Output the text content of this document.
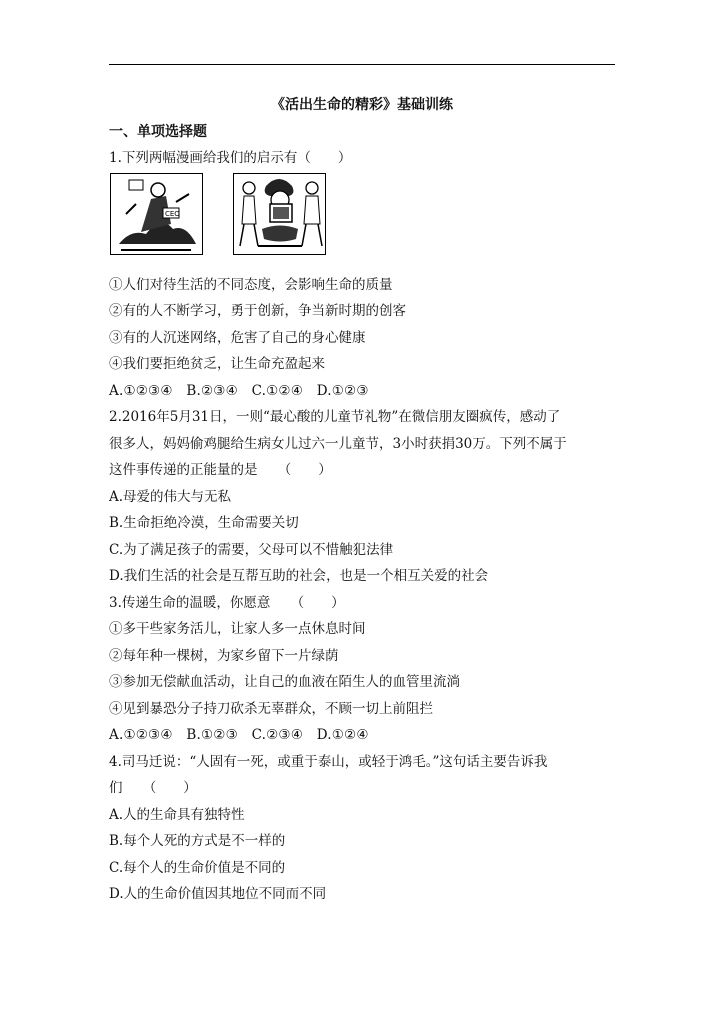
《活出生命的精彩》基础训练
一、单项选择题
1.下列两幅漫画给我们的启示有（　　）
CEO
①人们对待生活的不同态度，会影响生命的质量
②有的人不断学习，勇于创新，争当新时期的创客
③有的人沉迷网络，危害了自己的身心健康
④我们要拒绝贫乏，让生命充盈起来
A.①②③④　B.②③④　C.①②④　D.①②③
2.2016年5月31日，一则“最心酸的儿童节礼物”在微信朋友圈疯传，感动了
很多人，妈妈偷鸡腿给生病女儿过六一儿童节，3小时获捐30万。下列不属于
这件事传递的正能量的是　　（　　）
A.母爱的伟大与无私
B.生命拒绝冷漠，生命需要关切
C.为了满足孩子的需要，父母可以不惜触犯法律
D.我们生活的社会是互帮互助的社会，也是一个相互关爱的社会
3.传递生命的温暖，你愿意　　（　　）
①多干些家务活儿，让家人多一点休息时间
②每年种一棵树，为家乡留下一片绿荫
③参加无偿献血活动，让自己的血液在陌生人的血管里流淌
④见到暴恐分子持刀砍杀无辜群众，不顾一切上前阻拦
A.①②③④　B.①②③　C.②③④　D.①②④
4.司马迁说：“人固有一死，或重于泰山，或轻于鸿毛。”这句话主要告诉我
们　　（　　）
A.人的生命具有独特性
B.每个人死的方式是不一样的
C.每个人的生命价值是不同的
D.人的生命价值因其地位不同而不同
